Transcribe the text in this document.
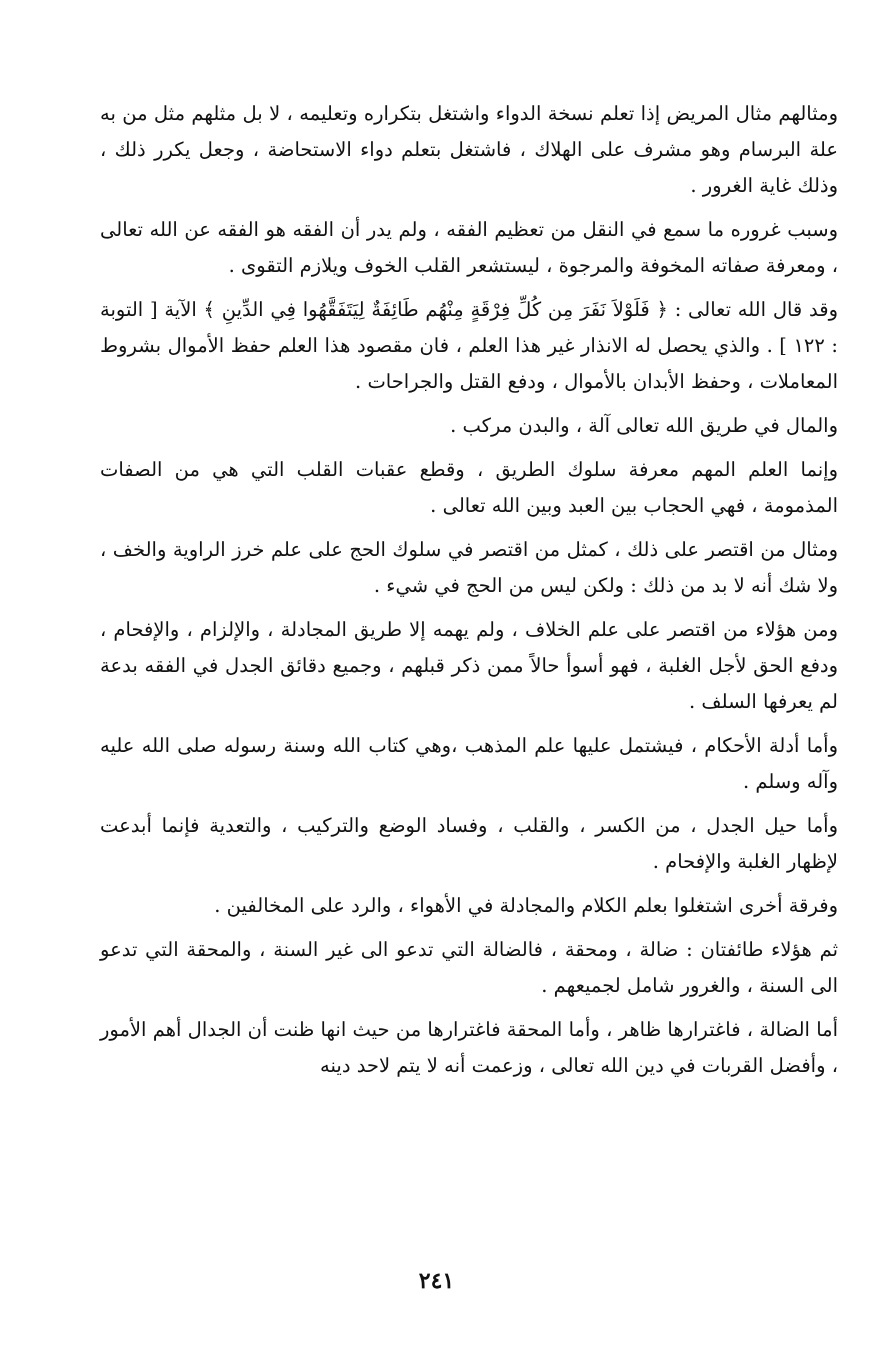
ومثالهم مثال المريض إذا تعلم نسخة الدواء واشتغل بتكراره وتعليمه ، لا بل مثلهم مثل من به علة البرسام وهو مشرف على الهلاك ، فاشتغل بتعلم دواء الاستحاضة ، وجعل يكرر ذلك ، وذلك غاية الغرور .

وسبب غروره ما سمع في النقل من تعظيم الفقه ، ولم يدر أن الفقه هو الفقه عن الله تعالى ، ومعرفة صفاته المخوفة والمرجوة ، ليستشعر القلب الخوف ويلازم التقوى .

وقد قال الله تعالى : ﴿ فَلَوْلاَ نَفَرَ مِن كُلِّ فِرْقَةٍ مِنْهُم طَائِفَةٌ لِيَتَفَقَّهُوا فِي الدِّينِ ﴾ الآية [ التوبة : ١٢٢ ] . والذي يحصل له الانذار غير هذا العلم ، فان مقصود هذا العلم حفظ الأموال بشروط المعاملات ، وحفظ الأبدان بالأموال ، ودفع القتل والجراحات .

والمال في طريق الله تعالى آلة ، والبدن مركب .

وإنما العلم المهم معرفة سلوك الطريق ، وقطع عقبات القلب التي هي من الصفات المذمومة ، فهي الحجاب بين العبد وبين الله تعالى .

ومثال من اقتصر على ذلك ، كمثل من اقتصر في سلوك الحج على علم خرز الراوية والخف ، ولا شك أنه لا بد من ذلك : ولكن ليس من الحج في شيء .

ومن هؤلاء من اقتصر على علم الخلاف ، ولم يهمه إلا طريق المجادلة ، والإلزام ، والإفحام ، ودفع الحق لأجل الغلبة ، فهو أسوأ حالاً ممن ذكر قبلهم ، وجميع دقائق الجدل في الفقه بدعة لم يعرفها السلف .

وأما أدلة الأحكام ، فيشتمل عليها علم المذهب ،وهي كتاب الله وسنة رسوله صلى الله عليه وآله وسلم .

وأما حيل الجدل ، من الكسر ، والقلب ، وفساد الوضع والتركيب ، والتعدية فإنما أبدعت لإظهار الغلبة والإفحام .

وفرقة أخرى اشتغلوا بعلم الكلام والمجادلة في الأهواء ، والرد على المخالفين .

ثم هؤلاء طائفتان : ضالة ، ومحقة ، فالضالة التي تدعو الى غير السنة ، والمحقة التي تدعو الى السنة ، والغرور شامل لجميعهم .

أما الضالة ، فاغترارها ظاهر ، وأما المحقة فاغترارها من حيث انها ظنت أن الجدال أهم الأمور ، وأفضل القربات في دين الله تعالى ، وزعمت أنه لا يتم لاحد دينه

٢٤١
